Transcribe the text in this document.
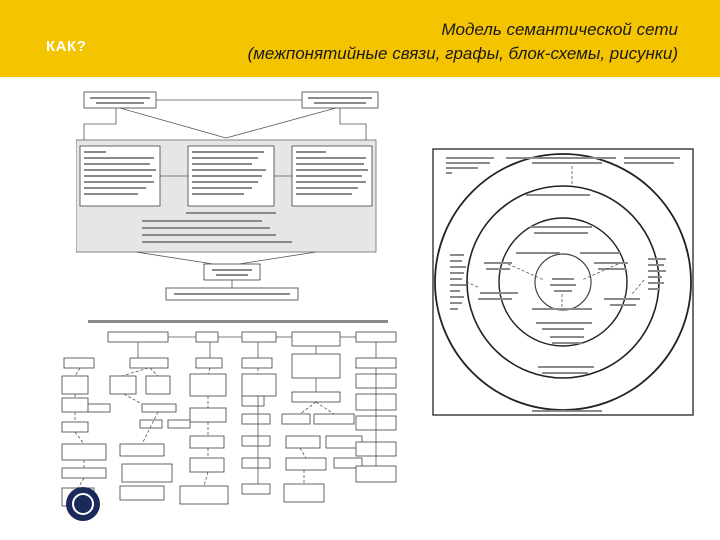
КАК?
Модель семантической сети
(межпонятийные связи, графы, блок-схемы, рисунки)
